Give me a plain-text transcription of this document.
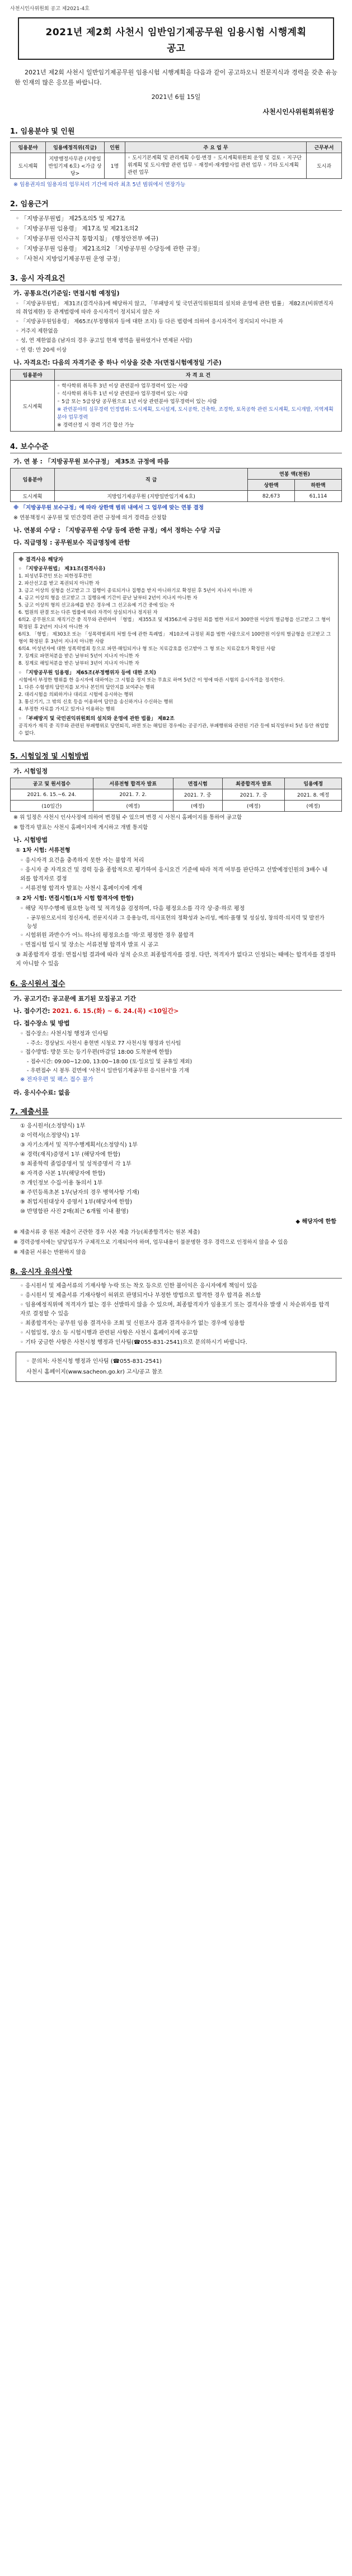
사천시인사위원회 공고 제2021-4호
2021년 제2회 사천시 임반임기제공무원 임용시험 시행계획
공고
2021년 제2회 사천시 일반임기제공무원 임용시험 시행계획을 다음과 같이 공고하오니 전문지식과 경력을 갖춘 유능한 인재의 많은 응모를 바랍니다.
2021년 6월 15일
사천시인사위원회위원장
1. 임용분야 및 인원
임용분야	임용예정직위(직급)	인원	주 요 업 무	근무부서
도시계획	지방행정사무관 (지방일반임기제 6호) <가급 상당>	1명	◦ 도시기본계획 및 관리계획 수립·변경 ◦ 도시계획위원회 운영 및 검토 ◦ 지구단위계획 및 도시개발 관련 업무 ◦ 재정비·재개발사업 관련 업무 ◦ 기타 도시계획 관련 업무	도시과
※ 임용권자의 임용자의 업무처리 기간에 따라 최초 5년 범위에서 연장가능
2. 임용근거
◦ 「지방공무원법」 제25조의5 및 제27조
◦ 「지방공무원 임용령」 제17조 및 제21조의2
◦ 「지방공무원 인사규칙 통합지침」 (행정안전부 예규)
◦ 「지방공무원 임용령」 제21조의2 「지방공무원 수당등에 관한 규정」
◦ 「사천시 지방임기제공무원 운영 규정」
3. 응시 자격요건
가. 공통요건(기준일: 면접시험 예정일)
◦ 「지방공무원법」 제31조(결격사유)에 해당하지 않고, 「부패방지 및 국민권익위원회의 설치와 운영에 관한 법률」 제82조(비위면직자의 취업제한) 등 관계법령에 따라 응시자격이 정지되지 않은 자
◦ 「지방공무원임용령」 제65조(부정행위자 등에 대한 조치) 등 다른 법령에 의하여 응시자격이 정지되지 아니한 자
◦ 거주지 제한없음
◦ 성, 연 제한없음 (남자의 경우 공고일 현재 병역을 필하였거나 면제된 사람)
◦ 연 령: 만 20세 이상
나. 자격요건: 다음의 자격기준 중 하나 이상을 갖춘 자(면접시험예정일 기준)
임용분야	자 격 요 건
도시계획	◦ 학사학위 취득후 3년 이상 관련분야 업무경력이 있는 사람
◦ 석사학위 취득후 1년 이상 관련분야 업무경력이 있는 사람
◦ 5급 또는 5급상당 공무원으로 1년 이상 관련분야 업무경력이 있는 사람
※ 관련분야의 실무경력 인정범위: 도시계획, 도시설계, 도시공학, 건축학, 조경학, 토목공학 관련 도시계획, 도시개발, 지역계획 분야 업무경력
※ 경력산정 시 경력 기간 합산 가능
4. 보수수준
가. 연 봉 : 「지방공무원 보수규정」 제35조 규정에 따름
임용분야	직 급	연봉 액(천원)	
		상한액	하한액
도시계획	지방임기제공무원 (지방일반임기제 6호)	82,673	61,114
※ 「지방공무원 보수규정」에 따라 상한액 범위 내에서 그 업무에 맞는 연봉 결정
※ 연봉책정시 공무원 및 민간경력 관련 규정에 의거 경력을 산정함
나. 연봉외 수당 : 「지방공무원 수당 등에 관한 규정」에서 정하는 수당 지급
다. 직급명칭 : 공무원보수 직급명칭에 관함
※ 결격사유 해당자
◦ 「지방공무원법」 제31조(결격사유)
1. 피성년후견인 또는 피한정후견인
2. 파산선고를 받고 복권되지 아니한 자
3. 금고 이상의 실형을 선고받고 그 집행이 종료되거나 집행을 받지 아니하기로 확정된 후 5년이 지나지 아니한 자
4. 금고 이상의 형을 선고받고 그 집행유예 기간이 끝난 날부터 2년이 지나지 아니한 자
5. 금고 이상의 형의 선고유예를 받은 경우에 그 선고유예 기간 중에 있는 자
6. 법원의 판결 또는 다른 법률에 따라 자격이 상실되거나 정지된 자
6의2. 공무원으로 재직기간 중 직무와 관련하여 「형법」 제355조 및 제356조에 규정된 죄를 범한 자로서 300만원 이상의 벌금형을 선고받고 그 형이 확정된 후 2년이 지나지 아니한 자
6의3. 「형법」 제303조 또는 「성폭력범죄의 처벌 등에 관한 특례법」 제10조에 규정된 죄를 범한 사람으로서 100만원 이상의 벌금형을 선고받고 그 형이 확정된 후 3년이 지나지 아니한 사람
6의4. 미성년자에 대한 성폭력범죄 등으로 파면·해임되거나 형 또는 치료감호를 선고받아 그 형 또는 치료감호가 확정된 사람
7. 징계로 파면처분을 받은 날부터 5년이 지나지 아니한 자
8. 징계로 해임처분을 받은 날부터 3년이 지나지 아니한 자
◦ 「지방공무원 임용령」 제65조(부정행위자 등에 대한 조치)
시험에서 부정한 행위를 한 응시자에 대하여는 그 시험을 정지 또는 무효로 하며 5년간 이 영에 따른 시험의 응시자격을 정지한다.
1. 다른 수험생의 답안지를 보거나 본인의 답안지를 보여주는 행위
2. 대리시험을 의뢰하거나 대리로 시험에 응시하는 행위
3. 통신기기, 그 밖의 신호 등을 이용하여 답안을 송신하거나 수신하는 행위
4. 부정한 자료를 가지고 있거나 이용하는 행위
◦ 「부패방지 및 국민권익위원회의 설치와 운영에 관한 법률」 제82조
공직자가 재직 중 직무와 관련된 부패행위로 당연퇴직, 파면 또는 해임된 경우에는 공공기관, 부패행위와 관련된 기관 등에 퇴직일부터 5년 동안 취업할 수 없다.
5. 시험일정 및 시험방법
가. 시험일정
공고 및 원서접수	서류전형 합격자 발표	면접시험	최종합격자 발표	임용예정
2021. 6. 15.~6. 24.	2021. 7. 2.	2021. 7. 중	2021. 7. 중	2021. 8. 예정
(10일간)	(예정)	(예정)	(예정)	(예정)
※ 위 일정은 사천시 인사사정에 의하여 변경될 수 있으며 변경 시 사천시 홈페이지를 통하여 공고함
※ 합격자 발표는 사천시 홈페이지에 게시하고 개별 통지함
나. 시험방법
① 1차 시험: 서류전형
◦ 응시자격 요건을 충족하지 못한 자는 불합격 처리
◦ 응시자 중 자격요건 및 경력 등을 종합적으로 평가하여 응시요건 기준에 따라 적격 여부를 판단하고 선발예정인원의 3배수 내외를 합격자로 결정
◦ 서류전형 합격자 발표는 사천시 홈페이지에 게재
② 2차 시험: 면접시험(1차 시험 합격자에 한함)
◦ 해당 직무수행에 필요한 능력 및 적격성을 검정하며, 다음 평정요소를 각각 상·중·하로 평정
- 공무원으로서의 정신자세, 전문지식과 그 응용능력, 의사표현의 정확성과 논리성, 예의·품행 및 성실성, 창의력·의지력 및 발전가능성
◦ 시험위원 과반수가 어느 하나의 평정요소를 '하'로 평정한 경우 불합격
◦ 면접시험 일시 및 장소는 서류전형 합격자 발표 시 공고
③ 최종합격자 결정: 면접시험 결과에 따라 성적 순으로 최종합격자를 결정. 다만, 적격자가 없다고 인정되는 때에는 합격자를 결정하지 아니할 수 있음
6. 응시원서 접수
가. 공고기간: 공고문에 표기된 모집공고 기간
나. 접수기간: 2021. 6. 15.(화) ~ 6. 24.(목) <10일간>
다. 접수장소 및 방법
◦ 접수장소: 사천시청 행정과 인사팀
- 주소: 경상남도 사천시 용현면 시청로 77 사천시청 행정과 인사팀
◦ 접수방법: 방문 또는 등기우편(마감일 18:00 도착분에 한함)
- 접수시간: 09:00~12:00, 13:00~18:00 (토·일요일 및 공휴일 제외)
- 우편접수 시 봉투 겉면에 '사천시 일반임기제공무원 응시원서'를 기재
※ 전자우편 및 팩스 접수 불가
라. 응시수수료: 없음
7. 제출서류
① 응시원서(소정양식) 1부
② 이력서(소정양식) 1부
③ 자기소개서 및 직무수행계획서(소정양식) 1부
④ 경력(재직)증명서 1부 (해당자에 한함)
⑤ 최종학력 졸업증명서 및 성적증명서 각 1부
⑥ 자격증 사본 1부(해당자에 한함)
⑦ 개인정보 수집·이용 동의서 1부
⑧ 주민등록초본 1부(남자의 경우 병역사항 기재)
⑨ 취업지원대상자 증명서 1부(해당자에 한함)
⑩ 반명함판 사진 2매(최근 6개월 이내 촬영)
◆ 해당자에 한함
※ 제출서류 중 원본 제출이 곤란한 경우 사본 제출 가능(최종합격자는 원본 제출)
※ 경력증명서에는 담당업무가 구체적으로 기재되어야 하며, 업무내용이 불분명한 경우 경력으로 인정하지 않을 수 있음
※ 제출된 서류는 반환하지 않음
8. 응시자 유의사항
◦ 응시원서 및 제출서류의 기재사항 누락 또는 착오 등으로 인한 불이익은 응시자에게 책임이 있음
◦ 응시원서 및 제출서류 기재사항이 허위로 판명되거나 부정한 방법으로 합격한 경우 합격을 취소함
◦ 임용예정직위에 적격자가 없는 경우 선발하지 않을 수 있으며, 최종합격자가 임용포기 또는 결격사유 발생 시 차순위자를 합격자로 결정할 수 있음
◦ 최종합격자는 공무원 임용 결격사유 조회 및 신원조사 결과 결격사유가 없는 경우에 임용함
◦ 시험일정, 장소 등 시험시행과 관련된 사항은 사천시 홈페이지에 공고함
◦ 기타 궁금한 사항은 사천시청 행정과 인사팀(☎055-831-2541)으로 문의하시기 바랍니다.
◦ 문의처: 사천시청 행정과 인사팀 (☎055-831-2541)
사천시 홈페이지(www.sacheon.go.kr) 고시/공고 참조
